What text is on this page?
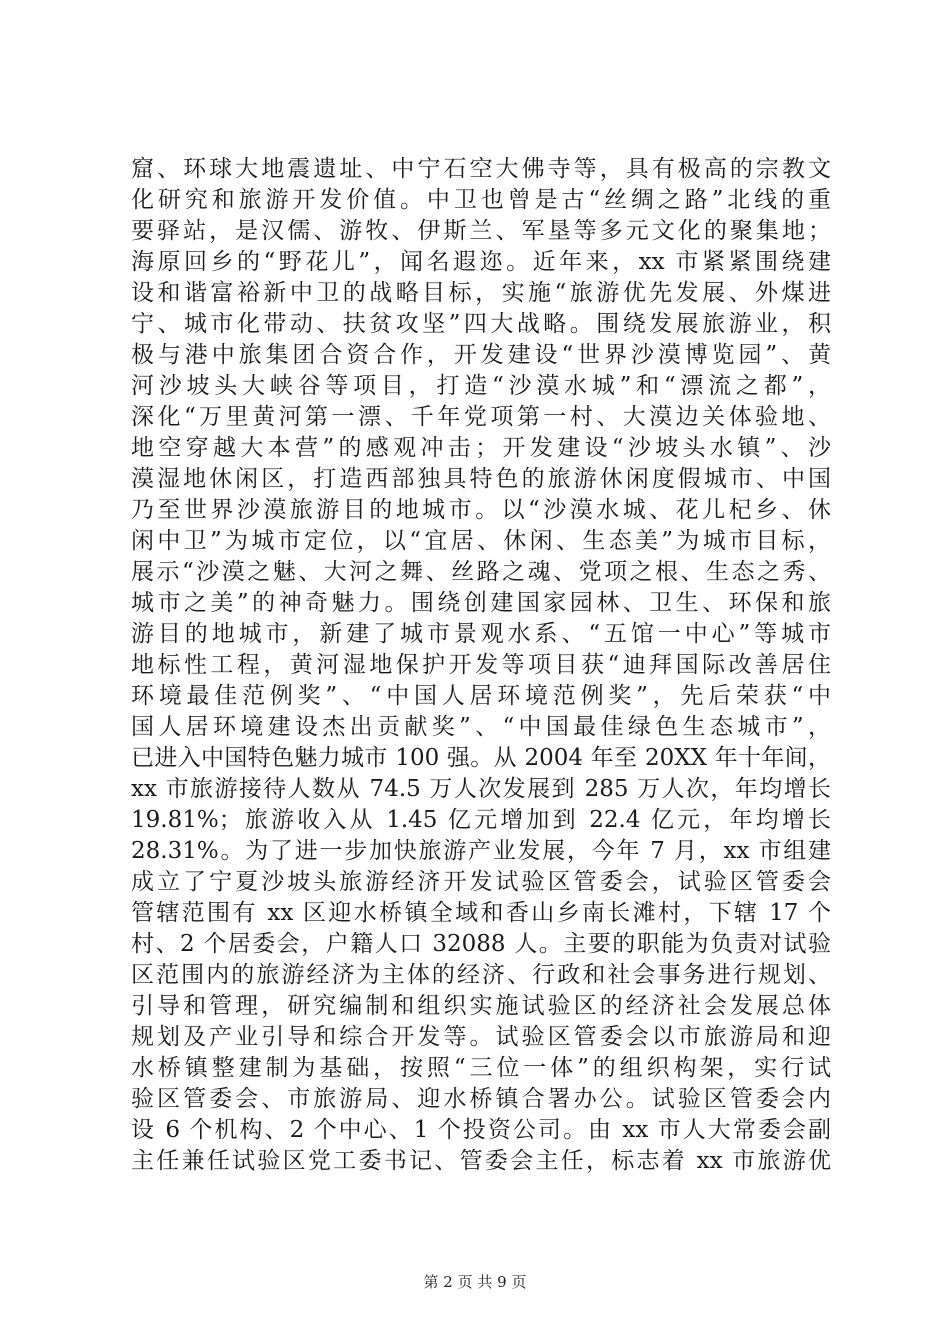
窟、环球大地震遗址、中宁石空大佛寺等，具有极高的宗教文
化研究和旅游开发价值。中卫也曾是古“丝绸之路”北线的重
要驿站，是汉儒、游牧、伊斯兰、军垦等多元文化的聚集地；
海原回乡的“野花儿”，闻名遐迩。近年来，xx 市紧紧围绕建
设和谐富裕新中卫的战略目标，实施“旅游优先发展、外煤进
宁、城市化带动、扶贫攻坚”四大战略。围绕发展旅游业，积
极与港中旅集团合资合作，开发建设“世界沙漠博览园”、黄
河沙坡头大峡谷等项目，打造“沙漠水城”和“漂流之都”，
深化“万里黄河第一漂、千年党项第一村、大漠边关体验地、
地空穿越大本营”的感观冲击；开发建设“沙坡头水镇”、沙
漠湿地休闲区，打造西部独具特色的旅游休闲度假城市、中国
乃至世界沙漠旅游目的地城市。以“沙漠水城、花儿杞乡、休
闲中卫”为城市定位，以“宜居、休闲、生态美”为城市目标，
展示“沙漠之魅、大河之舞、丝路之魂、党项之根、生态之秀、
城市之美”的神奇魅力。围绕创建国家园林、卫生、环保和旅
游目的地城市，新建了城市景观水系、“五馆一中心”等城市
地标性工程，黄河湿地保护开发等项目获“迪拜国际改善居住
环境最佳范例奖”、“中国人居环境范例奖”，先后荣获“中
国人居环境建设杰出贡献奖”、“中国最佳绿色生态城市”，
已进入中国特色魅力城市 100 强。从 2004 年至 20XX 年十年间，
xx 市旅游接待人数从 74.5 万人次发展到 285 万人次，年均增长
19.81%；旅游收入从 1.45 亿元增加到 22.4 亿元，年均增长
28.31%。为了进一步加快旅游产业发展，今年 7 月，xx 市组建
成立了宁夏沙坡头旅游经济开发试验区管委会，试验区管委会
管辖范围有 xx 区迎水桥镇全域和香山乡南长滩村，下辖 17 个
村、2 个居委会，户籍人口 32088 人。主要的职能为负责对试验
区范围内的旅游经济为主体的经济、行政和社会事务进行规划、
引导和管理，研究编制和组织实施试验区的经济社会发展总体
规划及产业引导和综合开发等。试验区管委会以市旅游局和迎
水桥镇整建制为基础，按照“三位一体”的组织构架，实行试
验区管委会、市旅游局、迎水桥镇合署办公。试验区管委会内
设 6 个机构、2 个中心、1 个投资公司。由 xx 市人大常委会副
主任兼任试验区党工委书记、管委会主任，标志着 xx 市旅游优
第 2 页 共 9 页
